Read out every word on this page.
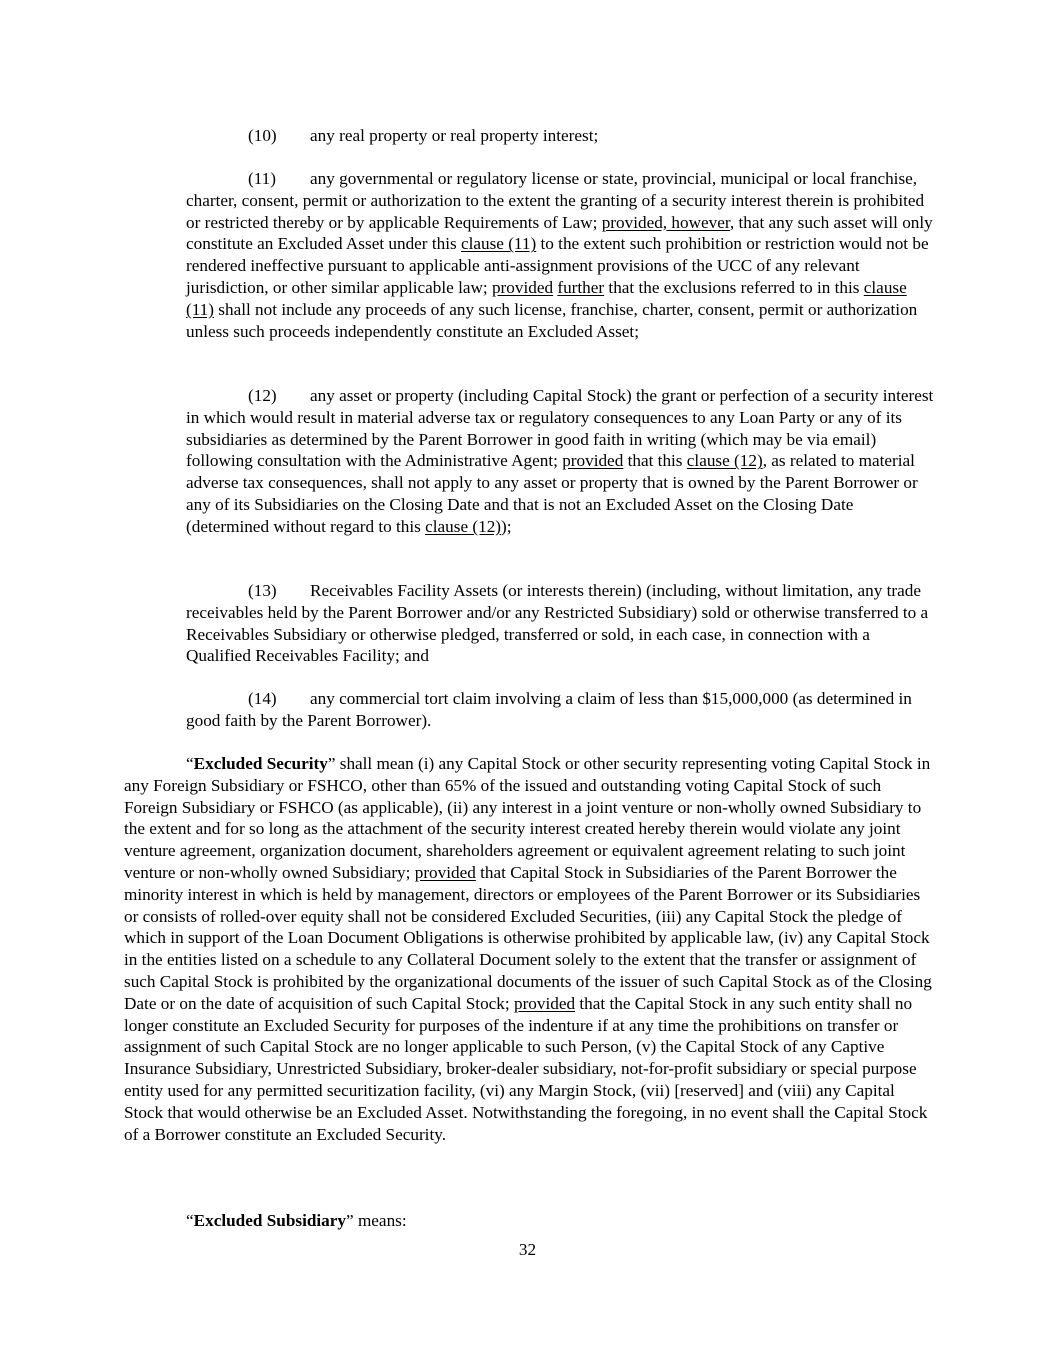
(10) any real property or real property interest;

(11) any governmental or regulatory license or state, provincial, municipal or local franchise, charter, consent, permit or authorization to the extent the granting of a security interest therein is prohibited or restricted thereby or by applicable Requirements of Law; provided, however, that any such asset will only constitute an Excluded Asset under this clause (11) to the extent such prohibition or restriction would not be rendered ineffective pursuant to applicable anti-assignment provisions of the UCC of any relevant jurisdiction, or other similar applicable law; provided further that the exclusions referred to in this clause (11) shall not include any proceeds of any such license, franchise, charter, consent, permit or authorization unless such proceeds independently constitute an Excluded Asset;

(12) any asset or property (including Capital Stock) the grant or perfection of a security interest in which would result in material adverse tax or regulatory consequences to any Loan Party or any of its subsidiaries as determined by the Parent Borrower in good faith in writing (which may be via email) following consultation with the Administrative Agent; provided that this clause (12), as related to material adverse tax consequences, shall not apply to any asset or property that is owned by the Parent Borrower or any of its Subsidiaries on the Closing Date and that is not an Excluded Asset on the Closing Date (determined without regard to this clause (12));

(13) Receivables Facility Assets (or interests therein) (including, without limitation, any trade receivables held by the Parent Borrower and/or any Restricted Subsidiary) sold or otherwise transferred to a Receivables Subsidiary or otherwise pledged, transferred or sold, in each case, in connection with a Qualified Receivables Facility; and

(14) any commercial tort claim involving a claim of less than $15,000,000 (as determined in good faith by the Parent Borrower).

“Excluded Security” shall mean (i) any Capital Stock or other security representing voting Capital Stock in any Foreign Subsidiary or FSHCO, other than 65% of the issued and outstanding voting Capital Stock of such Foreign Subsidiary or FSHCO (as applicable), (ii) any interest in a joint venture or non-wholly owned Subsidiary to the extent and for so long as the attachment of the security interest created hereby therein would violate any joint venture agreement, organization document, shareholders agreement or equivalent agreement relating to such joint venture or non-wholly owned Subsidiary; provided that Capital Stock in Subsidiaries of the Parent Borrower the minority interest in which is held by management, directors or employees of the Parent Borrower or its Subsidiaries or consists of rolled-over equity shall not be considered Excluded Securities, (iii) any Capital Stock the pledge of which in support of the Loan Document Obligations is otherwise prohibited by applicable law, (iv) any Capital Stock in the entities listed on a schedule to any Collateral Document solely to the extent that the transfer or assignment of such Capital Stock is prohibited by the organizational documents of the issuer of such Capital Stock as of the Closing Date or on the date of acquisition of such Capital Stock; provided that the Capital Stock in any such entity shall no longer constitute an Excluded Security for purposes of the indenture if at any time the prohibitions on transfer or assignment of such Capital Stock are no longer applicable to such Person, (v) the Capital Stock of any Captive Insurance Subsidiary, Unrestricted Subsidiary, broker-dealer subsidiary, not-for-profit subsidiary or special purpose entity used for any permitted securitization facility, (vi) any Margin Stock, (vii) [reserved] and (viii) any Capital Stock that would otherwise be an Excluded Asset. Notwithstanding the foregoing, in no event shall the Capital Stock of a Borrower constitute an Excluded Security.

“Excluded Subsidiary” means:

32
